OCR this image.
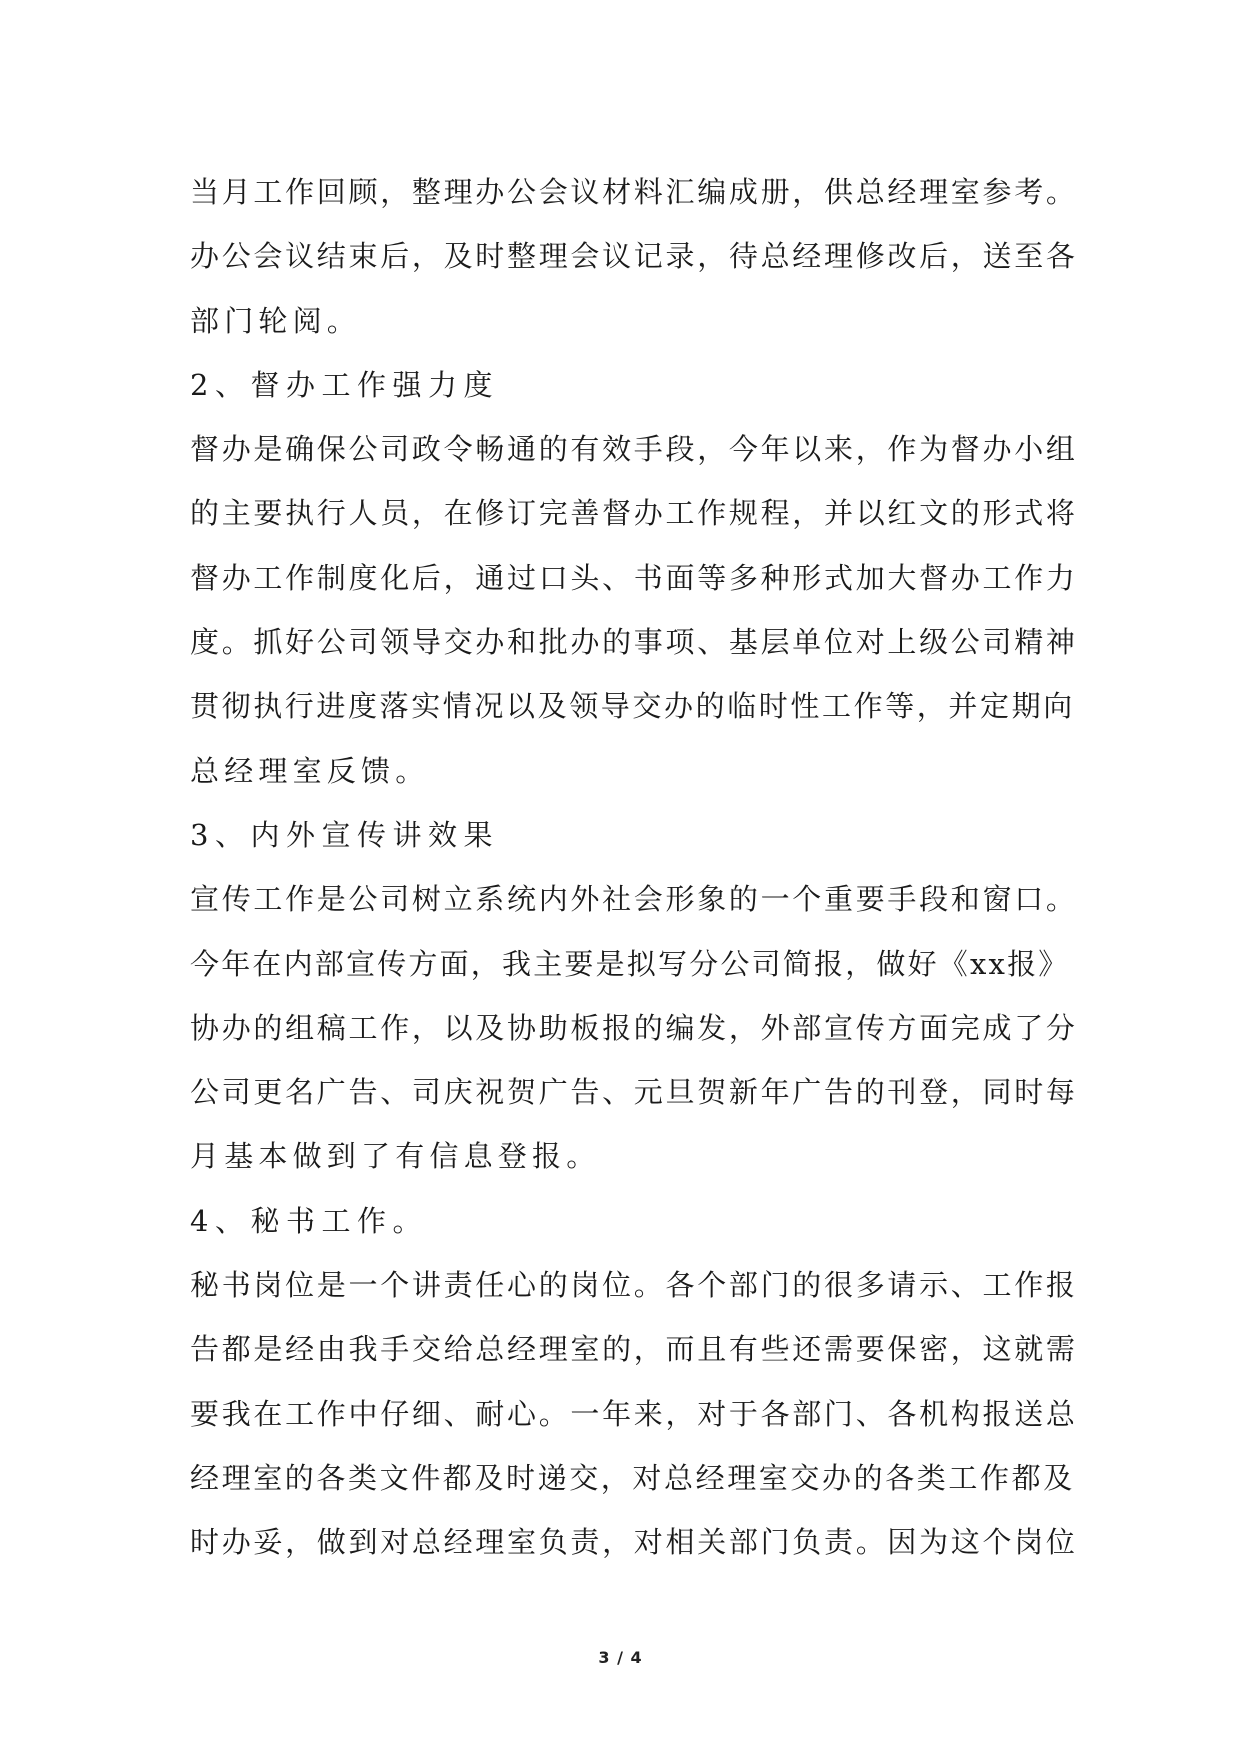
当月工作回顾，整理办公会议材料汇编成册，供总经理室参考。
办公会议结束后，及时整理会议记录，待总经理修改后，送至各
部门轮阅。
2、督办工作强力度
督办是确保公司政令畅通的有效手段，今年以来，作为督办小组
的主要执行人员，在修订完善督办工作规程，并以红文的形式将
督办工作制度化后，通过口头、书面等多种形式加大督办工作力
度。抓好公司领导交办和批办的事项、基层单位对上级公司精神
贯彻执行进度落实情况以及领导交办的临时性工作等，并定期向
总经理室反馈。
3、内外宣传讲效果
宣传工作是公司树立系统内外社会形象的一个重要手段和窗口。
今年在内部宣传方面，我主要是拟写分公司简报，做好《xx报》
协办的组稿工作，以及协助板报的编发，外部宣传方面完成了分
公司更名广告、司庆祝贺广告、元旦贺新年广告的刊登，同时每
月基本做到了有信息登报。
4、秘书工作。
秘书岗位是一个讲责任心的岗位。各个部门的很多请示、工作报
告都是经由我手交给总经理室的，而且有些还需要保密，这就需
要我在工作中仔细、耐心。一年来，对于各部门、各机构报送总
经理室的各类文件都及时递交，对总经理室交办的各类工作都及
时办妥，做到对总经理室负责，对相关部门负责。因为这个岗位
3 / 4
